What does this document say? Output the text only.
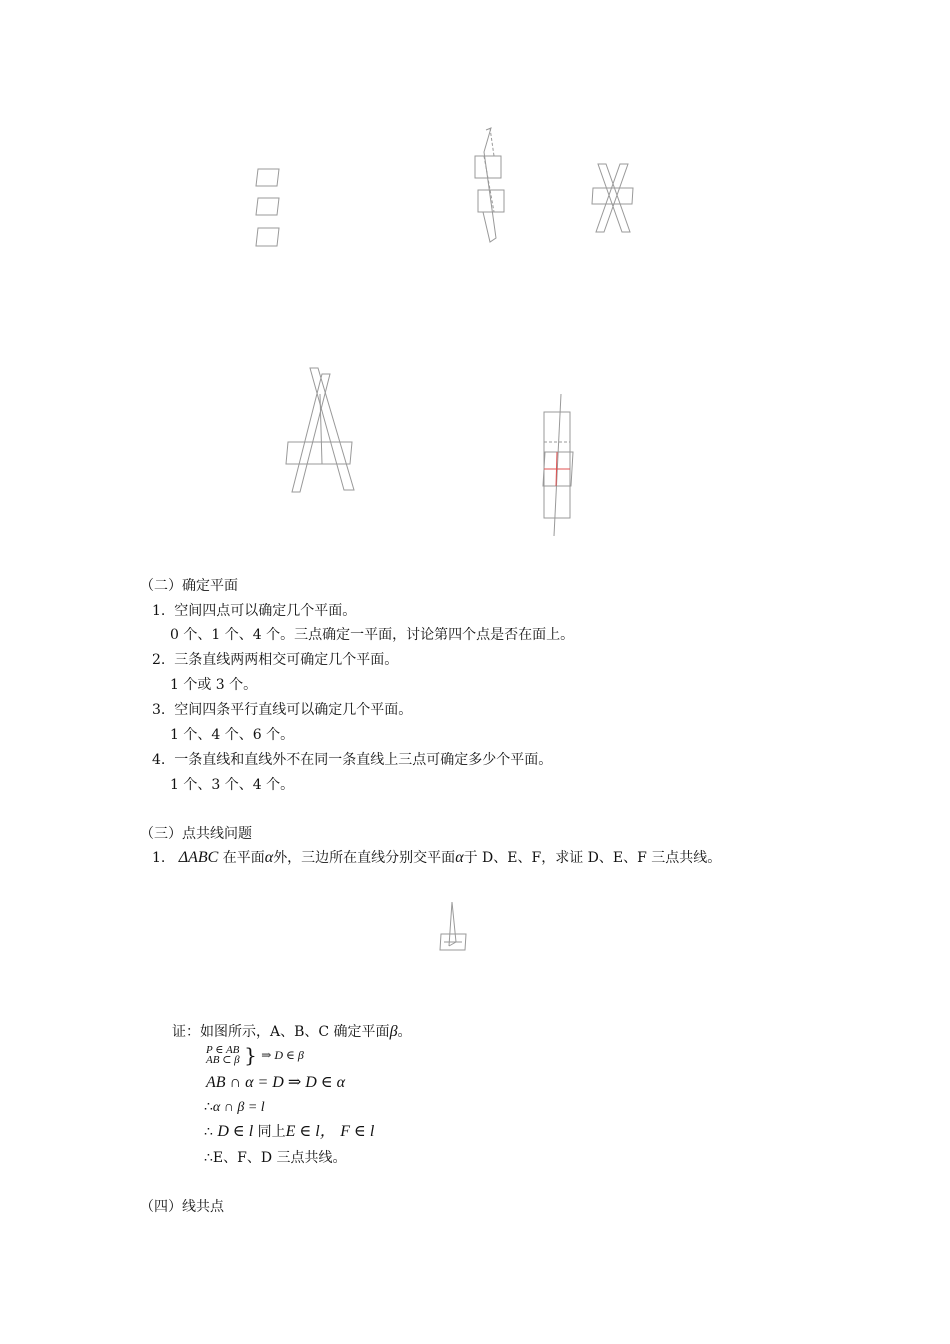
（二）确定平面
1. 空间四点可以确定几个平面。
0 个、1 个、4 个。三点确定一平面，讨论第四个点是否在面上。
2. 三条直线两两相交可确定几个平面。
1 个或 3 个。
3. 空间四条平行直线可以确定几个平面。
1 个、4 个、6 个。
4. 一条直线和直线外不在同一条直线上三点可确定多少个平面。
1 个、3 个、4 个。
（三）点共线问题
1. ΔABC 在平面α外，三边所在直线分别交平面α于 D、E、F，求证 D、E、F 三点共线。
证：如图所示，A、B、C 确定平面β。
P ∈ AB
AB ⊂ β } ⇒ D ∈ β
AB ∩ α = D ⇒ D ∈ α
∴α ∩ β = l
∴ D ∈ l 同上E ∈ l， F ∈ l
∴E、F、D 三点共线。
（四）线共点
